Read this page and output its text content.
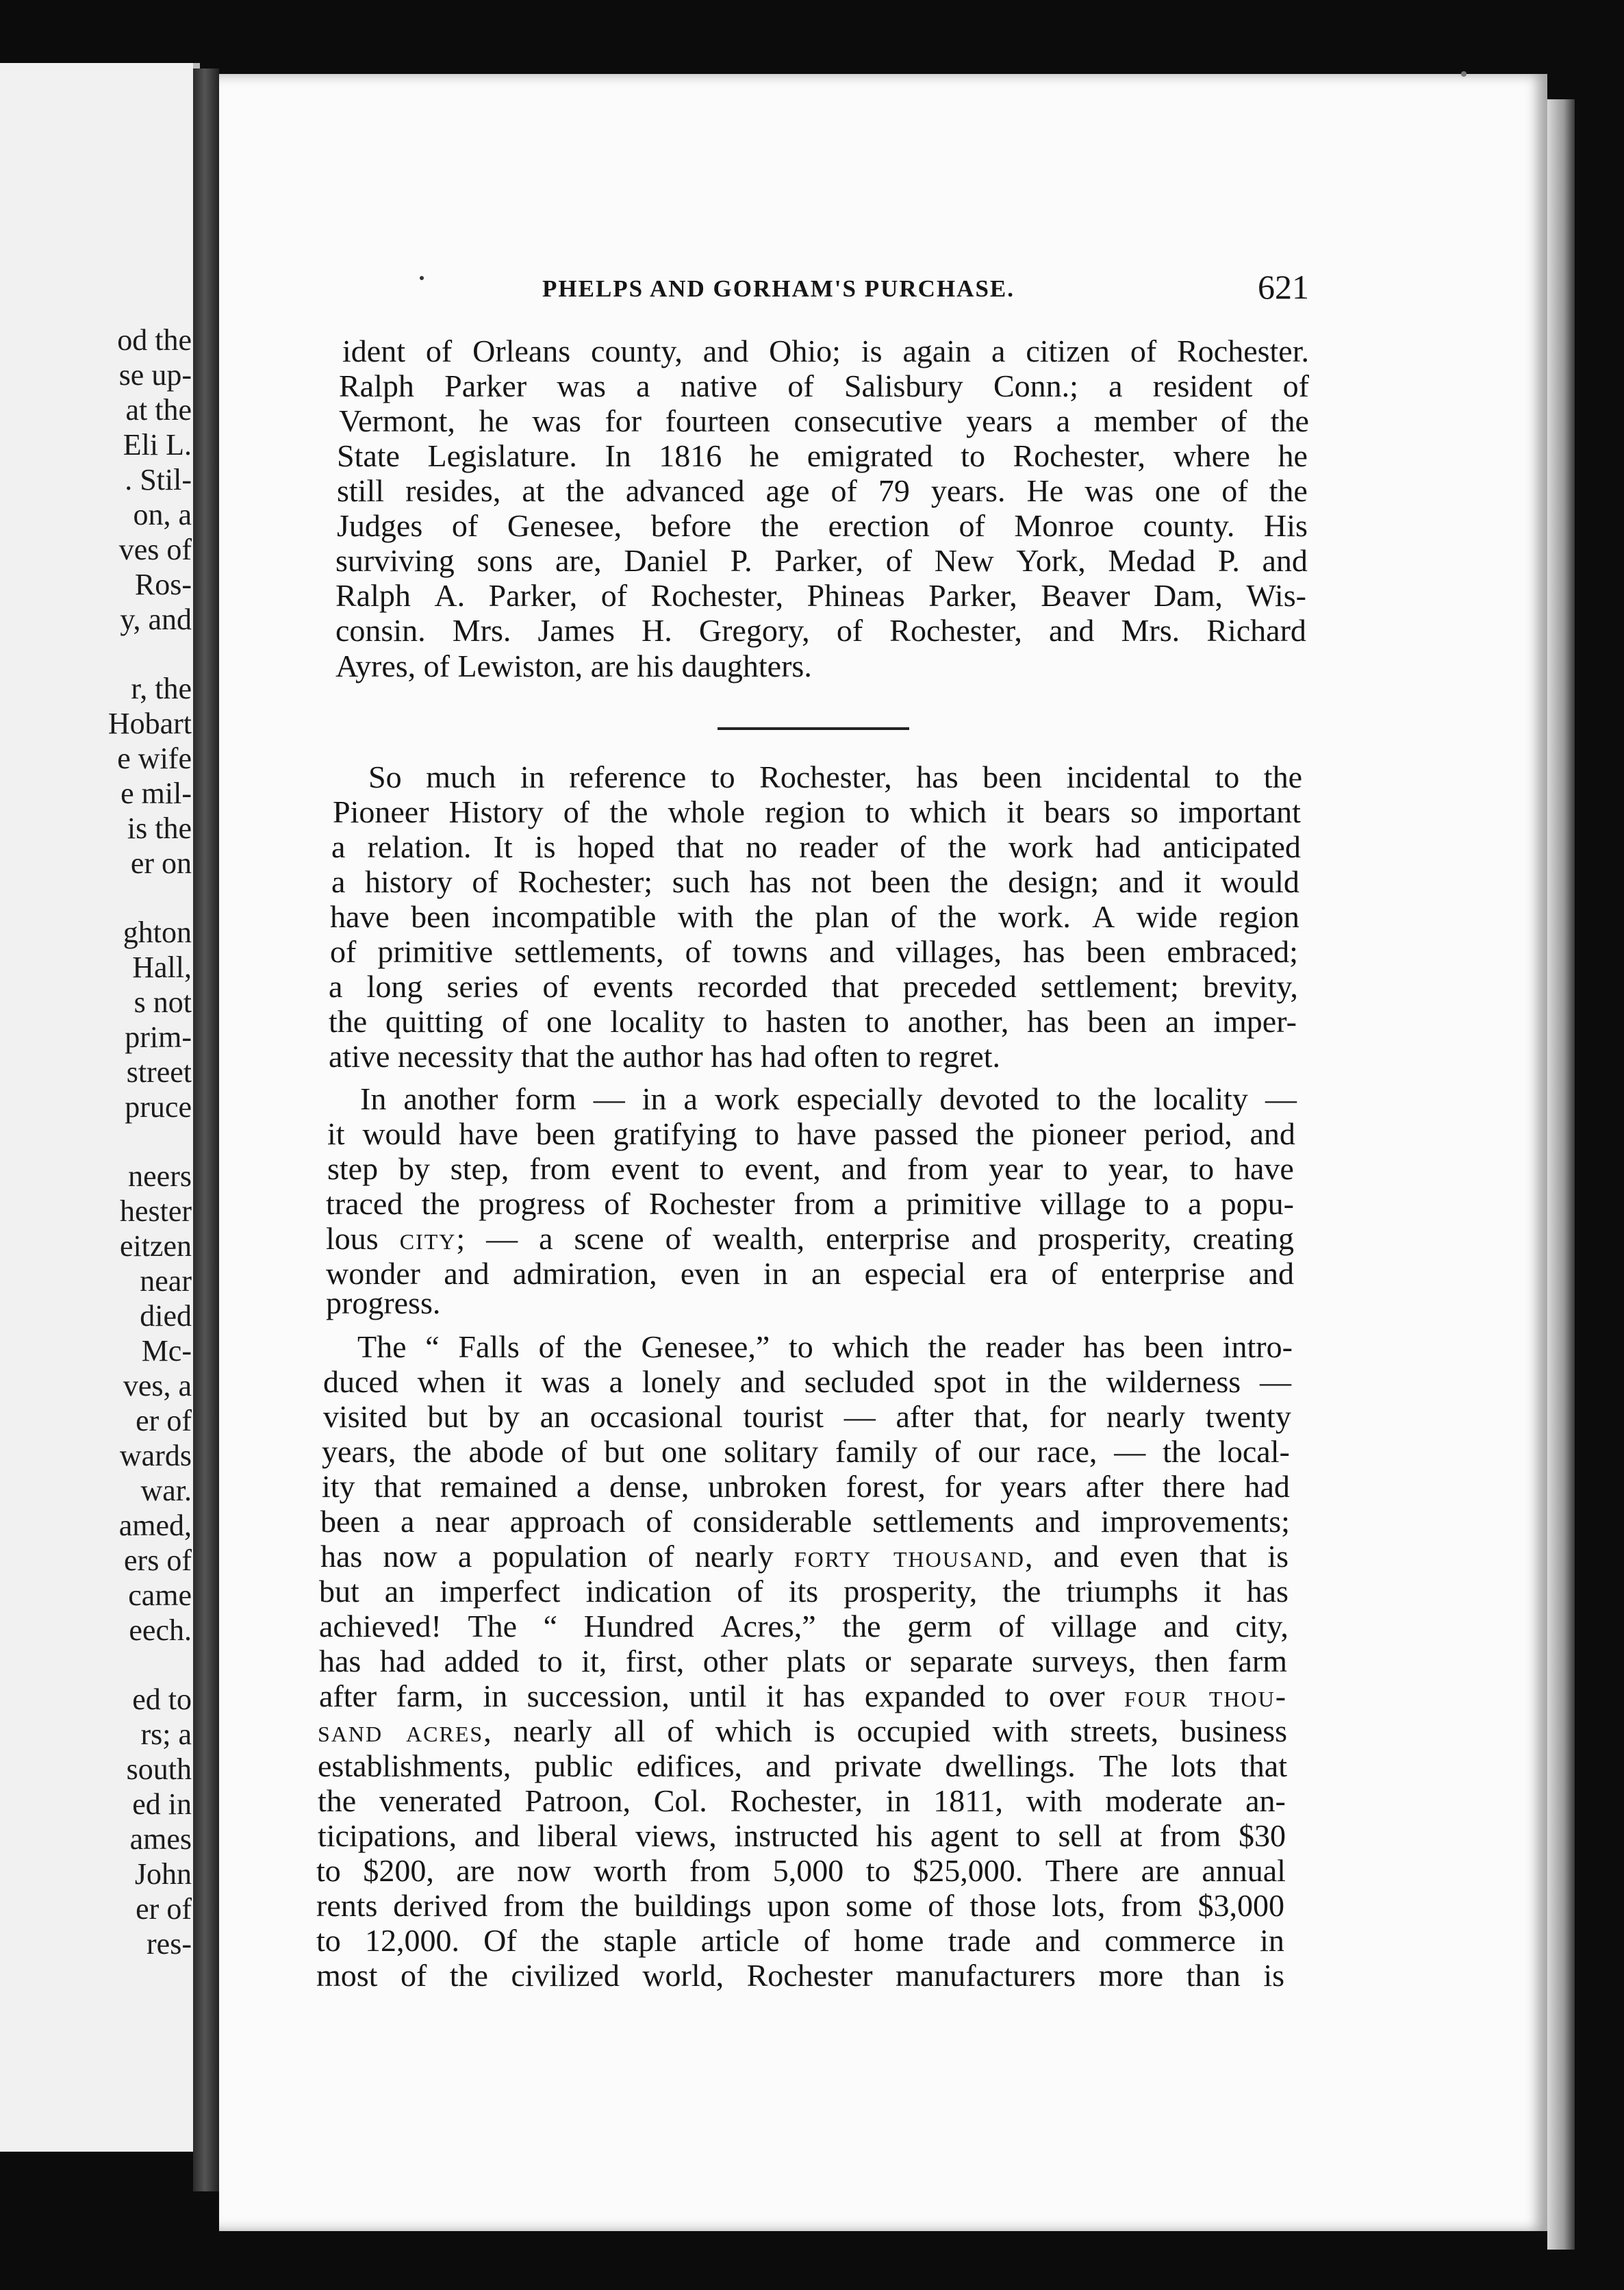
od the
se up-
at the
Eli L.
. Stil-
on, a
ves of
Ros-
y, and
r, the
Hobart
e wife
e mil-
is the
er on
ghton
Hall,
s not
prim-
street
pruce
neers
hester
eitzen
near
died
Mc-
ves, a
er of
wards
war.
amed,
ers of
came
eech.
ed to
rs; a
south
ed in
ames
John
er of
res-
PHELPS AND GORHAM'S PURCHASE.	621
ident of Orleans county, and Ohio; is again a citizen of Rochester.
Ralph Parker was a native of Salisbury Conn.; a resident of
Vermont, he was for fourteen consecutive years a member of the
State Legislature. In 1816 he emigrated to Rochester, where he
still resides, at the advanced age of 79 years. He was one of the
Judges of Genesee, before the erection of Monroe county. His
surviving sons are, Daniel P. Parker, of New York, Medad P. and
Ralph A. Parker, of Rochester, Phineas Parker, Beaver Dam, Wis-
consin. Mrs. James H. Gregory, of Rochester, and Mrs. Richard
Ayres, of Lewiston, are his daughters.
So much in reference to Rochester, has been incidental to the
Pioneer History of the whole region to which it bears so important
a relation. It is hoped that no reader of the work had anticipated
a history of Rochester; such has not been the design; and it would
have been incompatible with the plan of the work. A wide region
of primitive settlements, of towns and villages, has been embraced;
a long series of events recorded that preceded settlement; brevity,
the quitting of one locality to hasten to another, has been an imper-
ative necessity that the author has had often to regret.
In another form — in a work especially devoted to the locality —
it would have been gratifying to have passed the pioneer period, and
step by step, from event to event, and from year to year, to have
traced the progress of Rochester from a primitive village to a popu-
lous city; — a scene of wealth, enterprise and prosperity, creating
wonder and admiration, even in an especial era of enterprise and
progress.
The “ Falls of the Genesee,” to which the reader has been intro-
duced when it was a lonely and secluded spot in the wilderness —
visited but by an occasional tourist — after that, for nearly twenty
years, the abode of but one solitary family of our race, — the local-
ity that remained a dense, unbroken forest, for years after there had
been a near approach of considerable settlements and improvements;
has now a population of nearly forty thousand, and even that is
but an imperfect indication of its prosperity, the triumphs it has
achieved! The “ Hundred Acres,” the germ of village and city,
has had added to it, first, other plats or separate surveys, then farm
after farm, in succession, until it has expanded to over four thou-
sand acres, nearly all of which is occupied with streets, business
establishments, public edifices, and private dwellings. The lots that
the venerated Patroon, Col. Rochester, in 1811, with moderate an-
ticipations, and liberal views, instructed his agent to sell at from $30
to $200, are now worth from 5,000 to $25,000. There are annual
rents derived from the buildings upon some of those lots, from $3,000
to 12,000. Of the staple article of home trade and commerce in
most of the civilized world, Rochester manufacturers more than is
